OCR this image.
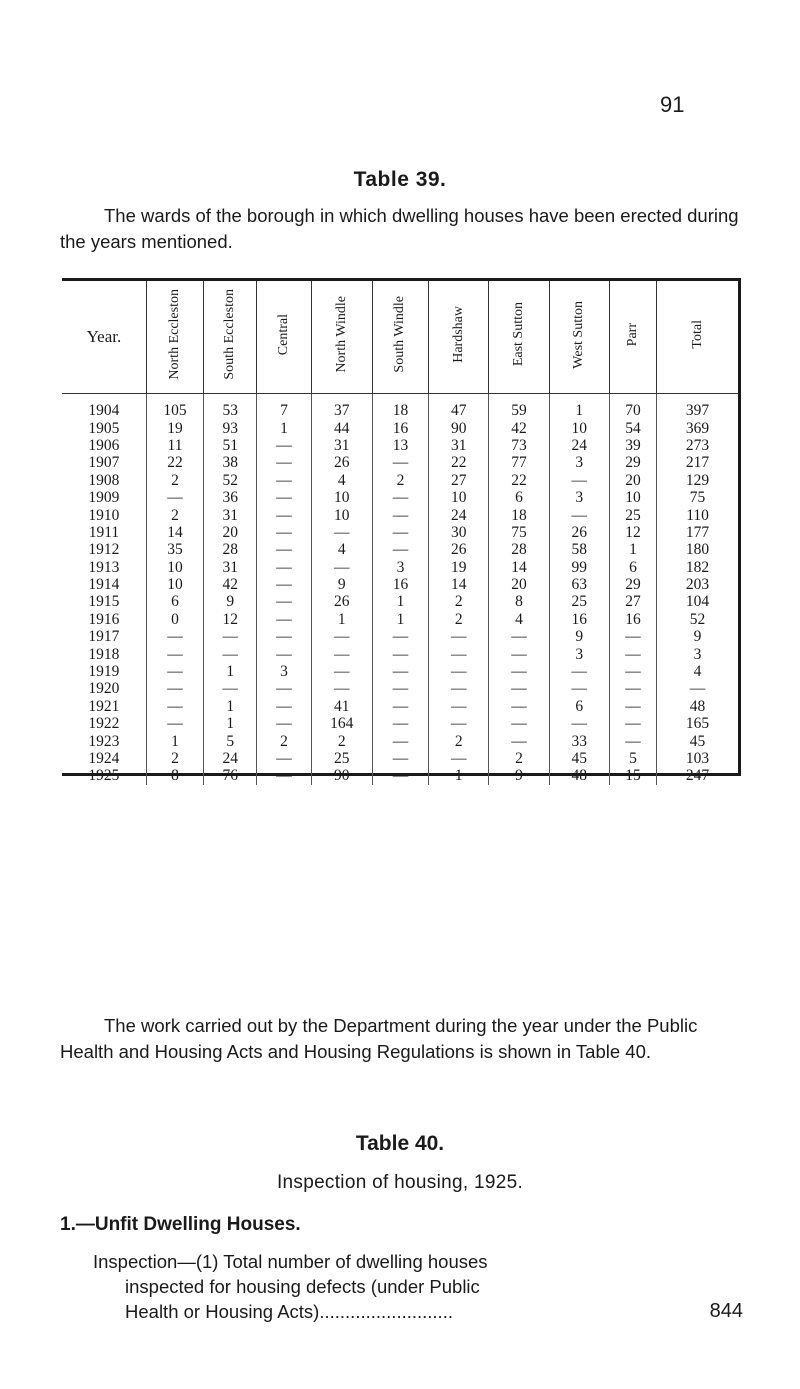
91
Table 39.
The wards of the borough in which dwelling houses have been erected during the years mentioned.
Year.	North Eccleston	South Eccleston	Central	North Windle	South Windle	Hardshaw	East Sutton	West Sutton	Parr	Total
1904	105	53	7	37	18	47	59	1	70	397
1905	19	93	1	44	16	90	42	10	54	369
1906	11	51	—	31	13	31	73	24	39	273
1907	22	38	—	26	—	22	77	3	29	217
1908	2	52	—	4	2	27	22	—	20	129
1909	—	36	—	10	—	10	6	3	10	75
1910	2	31	—	10	—	24	18	—	25	110
1911	14	20	—	—	—	30	75	26	12	177
1912	35	28	—	4	—	26	28	58	1	180
1913	10	31	—	—	3	19	14	99	6	182
1914	10	42	—	9	16	14	20	63	29	203
1915	6	9	—	26	1	2	8	25	27	104
1916	0	12	—	1	1	2	4	16	16	52
1917	—	—	—	—	—	—	—	9	—	9
1918	—	—	—	—	—	—	—	3	—	3
1919	—	1	3	—	—	—	—	—	—	4
1920	—	—	—	—	—	—	—	—	—	—
1921	—	1	—	41	—	—	—	6	—	48
1922	—	1	—	164	—	—	—	—	—	165
1923	1	5	2	2	—	2	—	33	—	45
1924	2	24	—	25	—	—	2	45	5	103
1925	8	76	—	90	—	1	9	48	15	247
The work carried out by the Department during the year under the Public Health and Housing Acts and Housing Regulations is shown in Table 40.
Table 40.
Inspection of housing, 1925.
1.—Unfit Dwelling Houses.
Inspection—(1) Total number of dwelling houses
inspected for housing defects (under Public
Health or Housing Acts)..........................	844
